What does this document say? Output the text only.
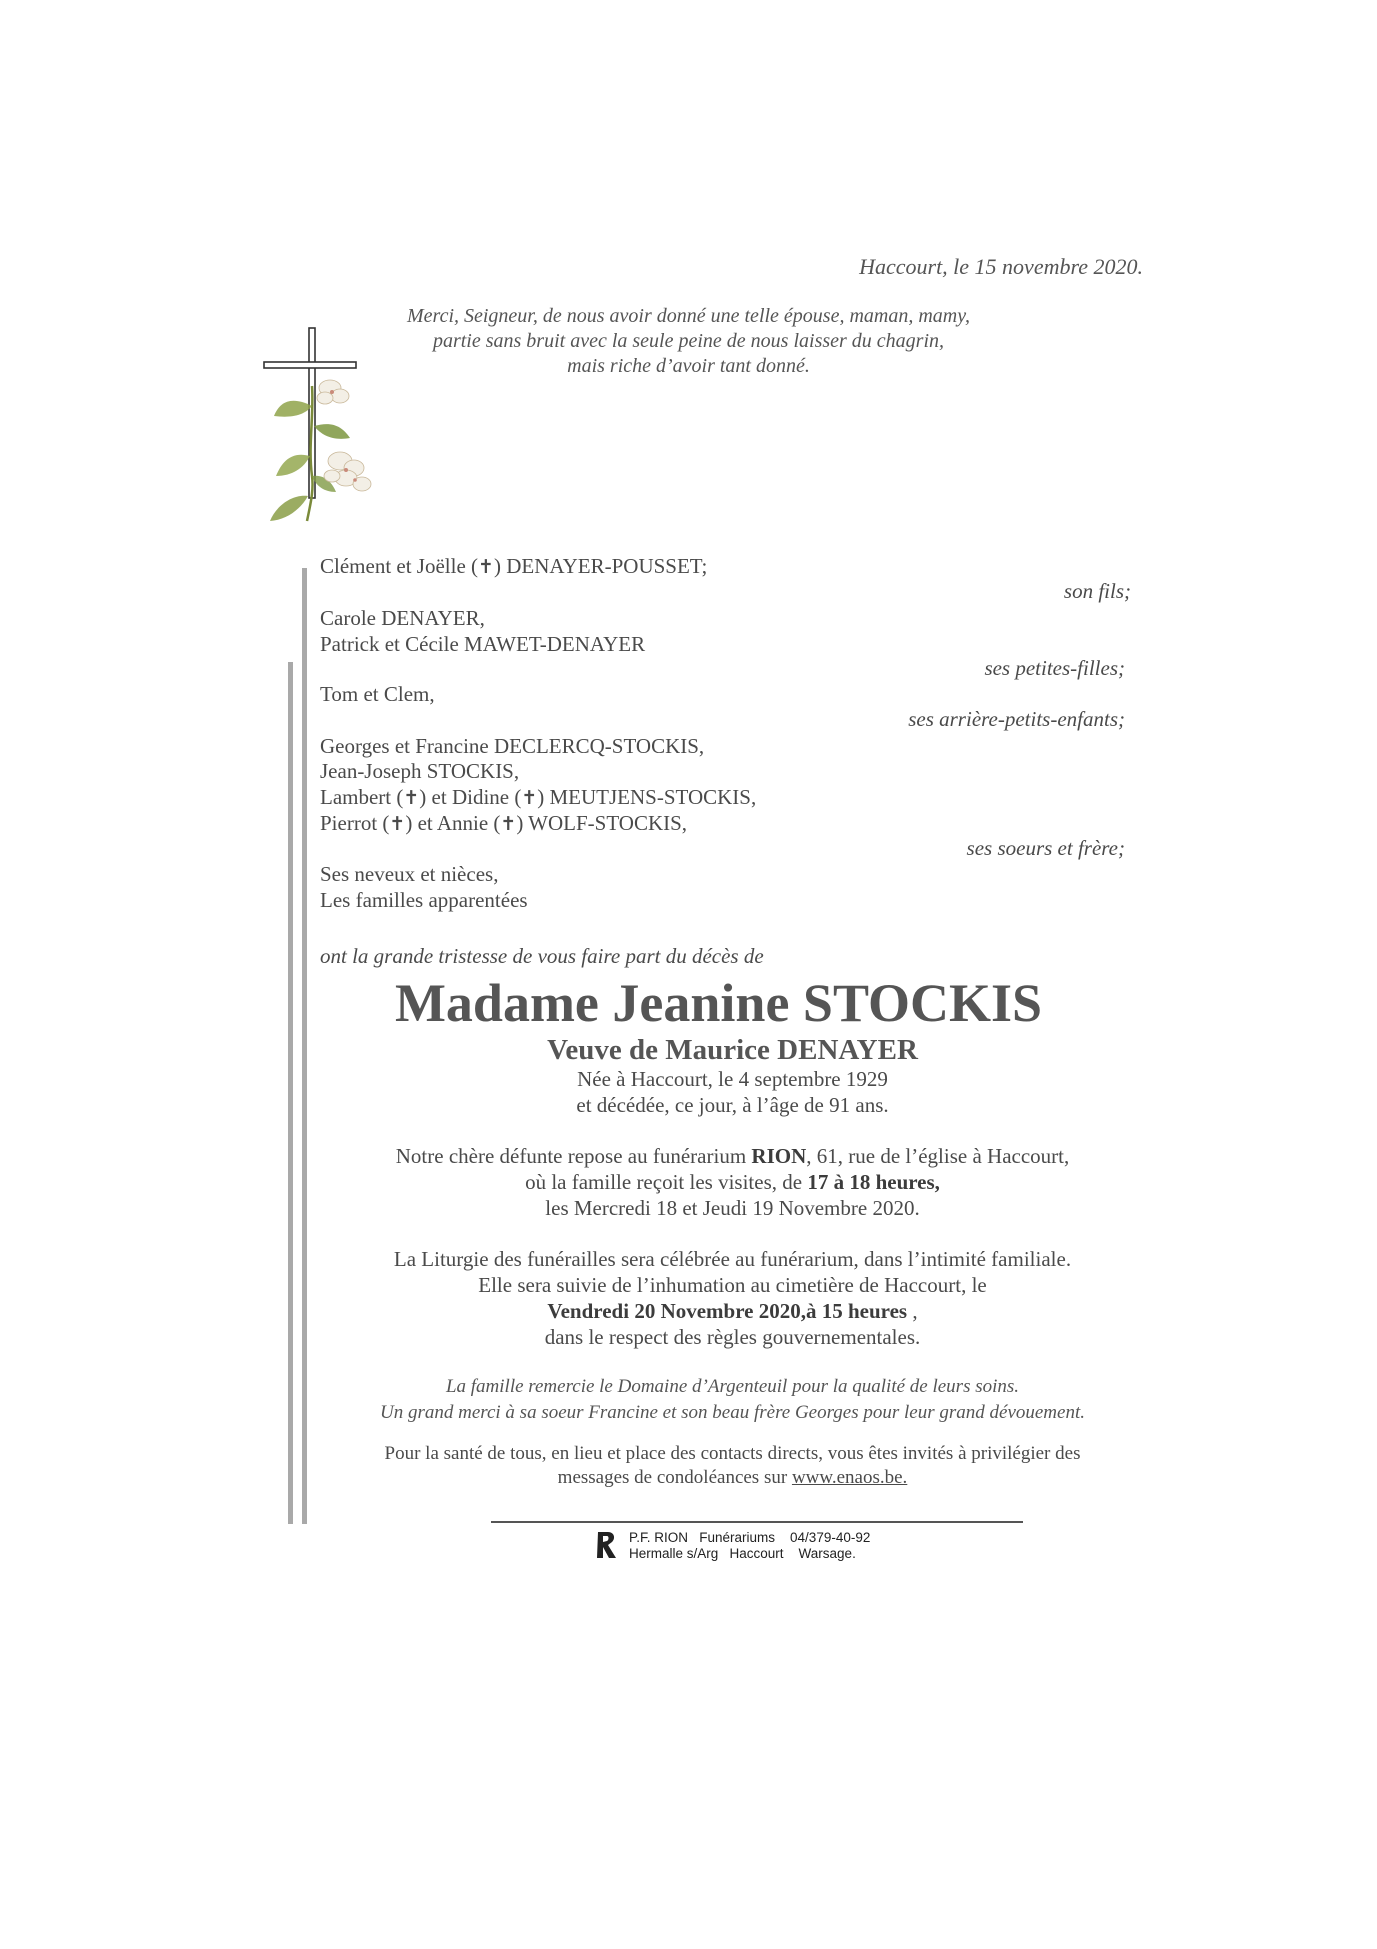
Haccourt, le 15 novembre 2020.
Merci, Seigneur, de nous avoir donné une telle épouse, maman, mamy,
partie sans bruit avec la seule peine de nous laisser du chagrin,
mais riche d’avoir tant donné.
Clément et Joëlle (✝) DENAYER-POUSSET;
son fils;
Carole DENAYER,
Patrick et Cécile MAWET-DENAYER
ses petites-filles;
Tom et Clem,
ses arrière-petits-enfants;
Georges et Francine DECLERCQ-STOCKIS,
Jean-Joseph STOCKIS,
Lambert (✝) et Didine (✝) MEUTJENS-STOCKIS,
Pierrot (✝) et Annie (✝) WOLF-STOCKIS,
ses soeurs et frère;
Ses neveux et nièces,
Les familles apparentées
ont la grande tristesse de vous faire part du décès de
Madame Jeanine STOCKIS
Veuve de Maurice DENAYER
Née à Haccourt, le 4 septembre 1929
et décédée, ce jour, à l’âge de 91 ans.
Notre chère défunte repose au funérarium RION, 61, rue de l’église à Haccourt,
où la famille reçoit les visites, de 17 à 18 heures,
les Mercredi 18 et Jeudi 19 Novembre 2020.
La Liturgie des funérailles sera célébrée au funérarium, dans l’intimité familiale.
Elle sera suivie de l’inhumation au cimetière de Haccourt, le
Vendredi 20 Novembre 2020,à 15 heures ,
dans le respect des règles gouvernementales.
La famille remercie le Domaine d’Argenteuil pour la qualité de leurs soins.
Un grand merci à sa soeur Francine et son beau frère Georges pour leur grand dévouement.
Pour la santé de tous, en lieu et place des contacts directs, vous êtes invités à privilégier des
messages de condoléances sur www.enaos.be.
P.F. RION   Funérariums    04/379-40-92
Hermalle s/Arg   Haccourt    Warsage.
